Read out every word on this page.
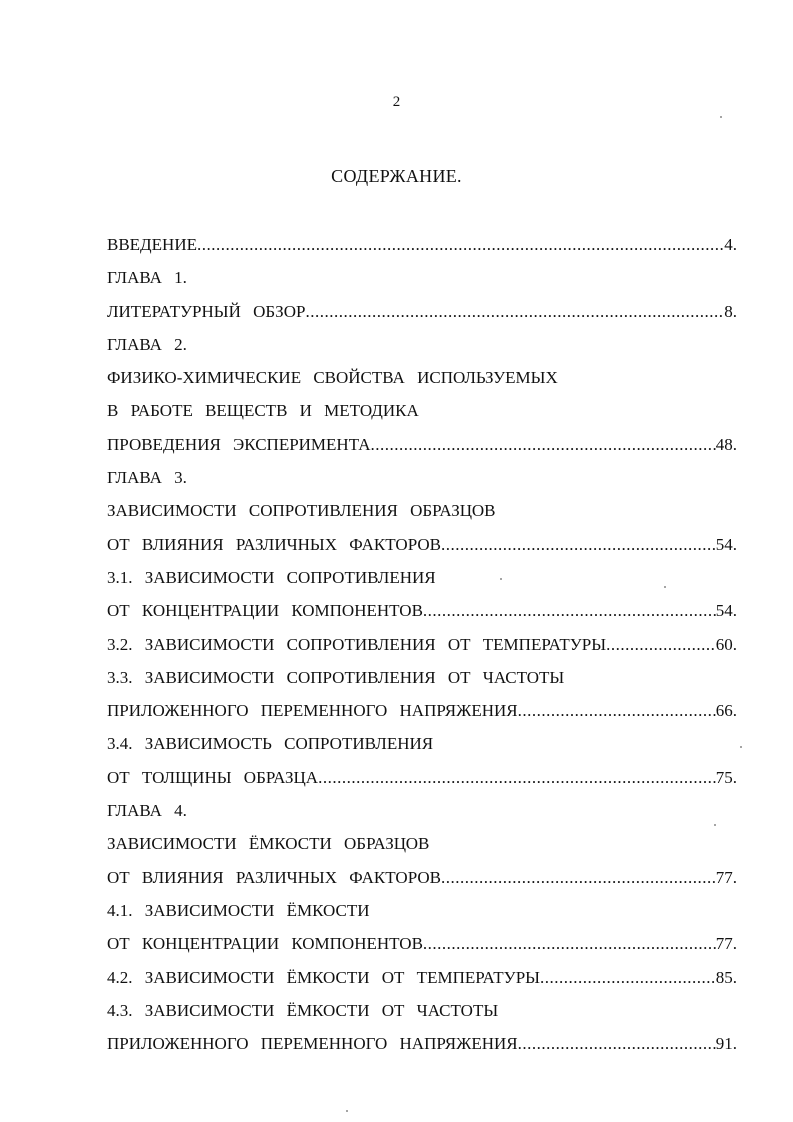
2
СОДЕРЖАНИЕ.
ВВЕДЕНИЕ .....	4.
ГЛАВА 1.
ЛИТЕРАТУРНЫЙ ОБЗОР .....	8.
ГЛАВА 2.
ФИЗИКО-ХИМИЧЕСКИЕ СВОЙСТВА ИСПОЛЬЗУЕМЫХ
В РАБОТЕ ВЕЩЕСТВ И МЕТОДИКА
ПРОВЕДЕНИЯ ЭКСПЕРИМЕНТА .....	48.
ГЛАВА 3.
ЗАВИСИМОСТИ СОПРОТИВЛЕНИЯ ОБРАЗЦОВ
ОТ ВЛИЯНИЯ РАЗЛИЧНЫХ ФАКТОРОВ .....	54.
3.1. ЗАВИСИМОСТИ СОПРОТИВЛЕНИЯ
ОТ КОНЦЕНТРАЦИИ КОМПОНЕНТОВ .....	54.
3.2. ЗАВИСИМОСТИ СОПРОТИВЛЕНИЯ ОТ ТЕМПЕРАТУРЫ .....	60.
3.3. ЗАВИСИМОСТИ СОПРОТИВЛЕНИЯ ОТ ЧАСТОТЫ
ПРИЛОЖЕННОГО ПЕРЕМЕННОГО НАПРЯЖЕНИЯ .....	66.
3.4. ЗАВИСИМОСТЬ СОПРОТИВЛЕНИЯ
ОТ ТОЛЩИНЫ ОБРАЗЦА .....	75.
ГЛАВА 4.
ЗАВИСИМОСТИ ЁМКОСТИ ОБРАЗЦОВ
ОТ ВЛИЯНИЯ РАЗЛИЧНЫХ ФАКТОРОВ .....	77.
4.1. ЗАВИСИМОСТИ ЁМКОСТИ
ОТ КОНЦЕНТРАЦИИ КОМПОНЕНТОВ .....	77.
4.2. ЗАВИСИМОСТИ ЁМКОСТИ ОТ ТЕМПЕРАТУРЫ .....	85.
4.3. ЗАВИСИМОСТИ ЁМКОСТИ ОТ ЧАСТОТЫ
ПРИЛОЖЕННОГО ПЕРЕМЕННОГО НАПРЯЖЕНИЯ .....	91.
